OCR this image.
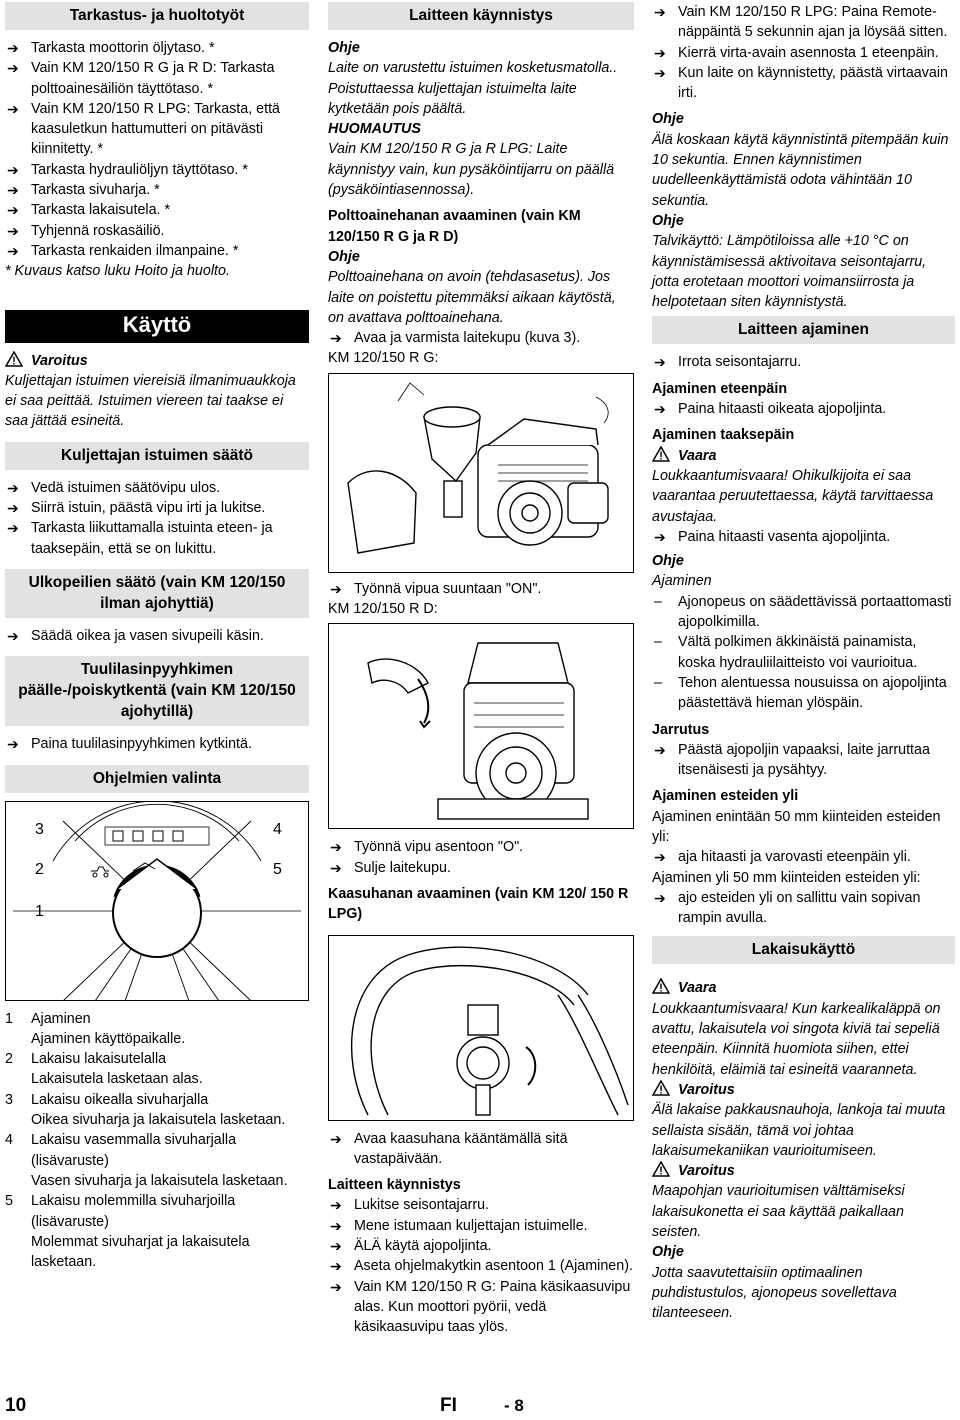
Tarkastus- ja huoltotyöt
➔ Tarkasta moottorin öljytaso. *
➔ Vain KM 120/150 R G ja R D: Tarkasta polttoainesäiliön täyttötaso. *
➔ Vain KM 120/150 R LPG: Tarkasta, että kaasuletkun hattumutteri on pitävästi kiinnitetty. *
➔ Tarkasta hydrauliöljyn täyttötaso. *
➔ Tarkasta sivuharja. *
➔ Tarkasta lakaisutela. *
➔ Tyhjennä roskasäiliö.
➔ Tarkasta renkaiden ilmanpaine. *
* Kuvaus katso luku Hoito ja huolto.
Käyttö
Varoitus
Kuljettajan istuimen viereisiä ilmanimuaukkoja ei saa peittää. Istuimen viereen tai taakse ei saa jättää esineitä.
Kuljettajan istuimen säätö
➔ Vedä istuimen säätövipu ulos.
➔ Siirrä istuin, päästä vipu irti ja lukitse.
➔ Tarkasta liikuttamalla istuinta eteen- ja taaksepäin, että se on lukittu.
Ulkopeilien säätö (vain KM 120/150 ilman ajohyttiä)
➔ Säädä oikea ja vasen sivupeili käsin.
Tuulilasinpyyhkimen päälle-/poiskytkentä (vain KM 120/150 ajohytillä)
➔ Paina tuulilasinpyyhkimen kytkintä.
Ohjelmien valinta
3
2
1
4
5
1 Ajaminen
Ajaminen käyttöpaikalle.
2 Lakaisu lakaisutelalla
Lakaisutela lasketaan alas.
3 Lakaisu oikealla sivuharjalla
Oikea sivuharja ja lakaisutela lasketaan.
4 Lakaisu vasemmalla sivuharjalla (lisävaruste)
Vasen sivuharja ja lakaisutela lasketaan.
5 Lakaisu molemmilla sivuharjoilla (lisävaruste)
Molemmat sivuharjat ja lakaisutela lasketaan.
Laitteen käynnistys
Ohje
Laite on varustettu istuimen kosketusmatolla.. Poistuttaessa kuljettajan istuimelta laite kytketään pois päältä.
HUOMAUTUS
Vain KM 120/150 R G ja R LPG: Laite käynnistyy vain, kun pysäköintijarru on päällä (pysäköintiasennossa).
Polttoainehanan avaaminen (vain KM 120/150 R G ja R D)
Ohje
Polttoainehana on avoin (tehdasasetus). Jos laite on poistettu pitemmäksi aikaan käytöstä, on avattava polttoainehana.
➔ Avaa ja varmista laitekupu (kuva 3).
KM 120/150 R G:
➔ Työnnä vipua suuntaan "ON".
KM 120/150 R D:
➔ Työnnä vipu asentoon "O".
➔ Sulje laitekupu.
Kaasuhanan avaaminen (vain KM 120/ 150 R LPG)
➔ Avaa kaasuhana kääntämällä sitä vastapäivään.
Laitteen käynnistys
➔ Lukitse seisontajarru.
➔ Mene istumaan kuljettajan istuimelle.
➔ ÄLÄ käytä ajopoljinta.
➔ Aseta ohjelmakytkin asentoon 1 (Ajaminen).
➔ Vain KM 120/150 R G: Paina käsikaasuvipu alas. Kun moottori pyörii, vedä käsikaasuvipu taas ylös.
➔ Vain KM 120/150 R LPG: Paina Remote-näppäintä 5 sekunnin ajan ja löysää sitten.
➔ Kierrä virta-avain asennosta 1 eteenpäin.
➔ Kun laite on käynnistetty, päästä virtaavain irti.
Ohje
Älä koskaan käytä käynnistintä pitempään kuin 10 sekuntia. Ennen käynnistimen uudelleenkäyttämistä odota vähintään 10 sekuntia.
Ohje
Talvikäyttö: Lämpötiloissa alle +10 °C on käynnistämisessä aktivoitava seisontajarru, jotta erotetaan moottori voimansiirrosta ja helpotetaan siten käynnistystä.
Laitteen ajaminen
➔ Irrota seisontajarru.
Ajaminen eteenpäin
➔ Paina hitaasti oikeata ajopoljinta.
Ajaminen taaksepäin
Vaara
Loukkaantumisvaara! Ohikulkijoita ei saa vaarantaa peruutettaessa, käytä tarvittaessa avustajaa.
➔ Paina hitaasti vasenta ajopoljinta.
Ohje
Ajaminen
– Ajonopeus on säädettävissä portaattomasti ajopolkimilla.
– Vältä polkimen äkkinäistä painamista, koska hydrauliilaitteisto voi vaurioitua.
– Tehon alentuessa nousuissa on ajopoljinta päästettävä hieman ylöspäin.
Jarrutus
➔ Päästä ajopoljin vapaaksi, laite jarruttaa itsenäisesti ja pysähtyy.
Ajaminen esteiden yli
Ajaminen enintään 50 mm kiinteiden esteiden yli:
➔ aja hitaasti ja varovasti eteenpäin yli.
Ajaminen yli 50 mm kiinteiden esteiden yli:
➔ ajo esteiden yli on sallittu vain sopivan rampin avulla.
Lakaisukäyttö
Vaara
Loukkaantumisvaara! Kun karkealikaläppä on avattu, lakaisutela voi singota kiviä tai sepeliä eteenpäin. Kiinnitä huomiota siihen, ettei henkilöitä, eläimiä tai esineitä vaaranneta.
Varoitus
Älä lakaise pakkausnauhoja, lankoja tai muuta sellaista sisään, tämä voi johtaa lakaisumekaniikan vaurioitumiseen.
Varoitus
Maapohjan vaurioitumisen välttämiseksi lakaisukonetta ei saa käyttää paikallaan seisten.
Ohje
Jotta saavutettaisiin optimaalinen puhdistustulos, ajonopeus sovellettava tilanteeseen.
10	FI	- 8
